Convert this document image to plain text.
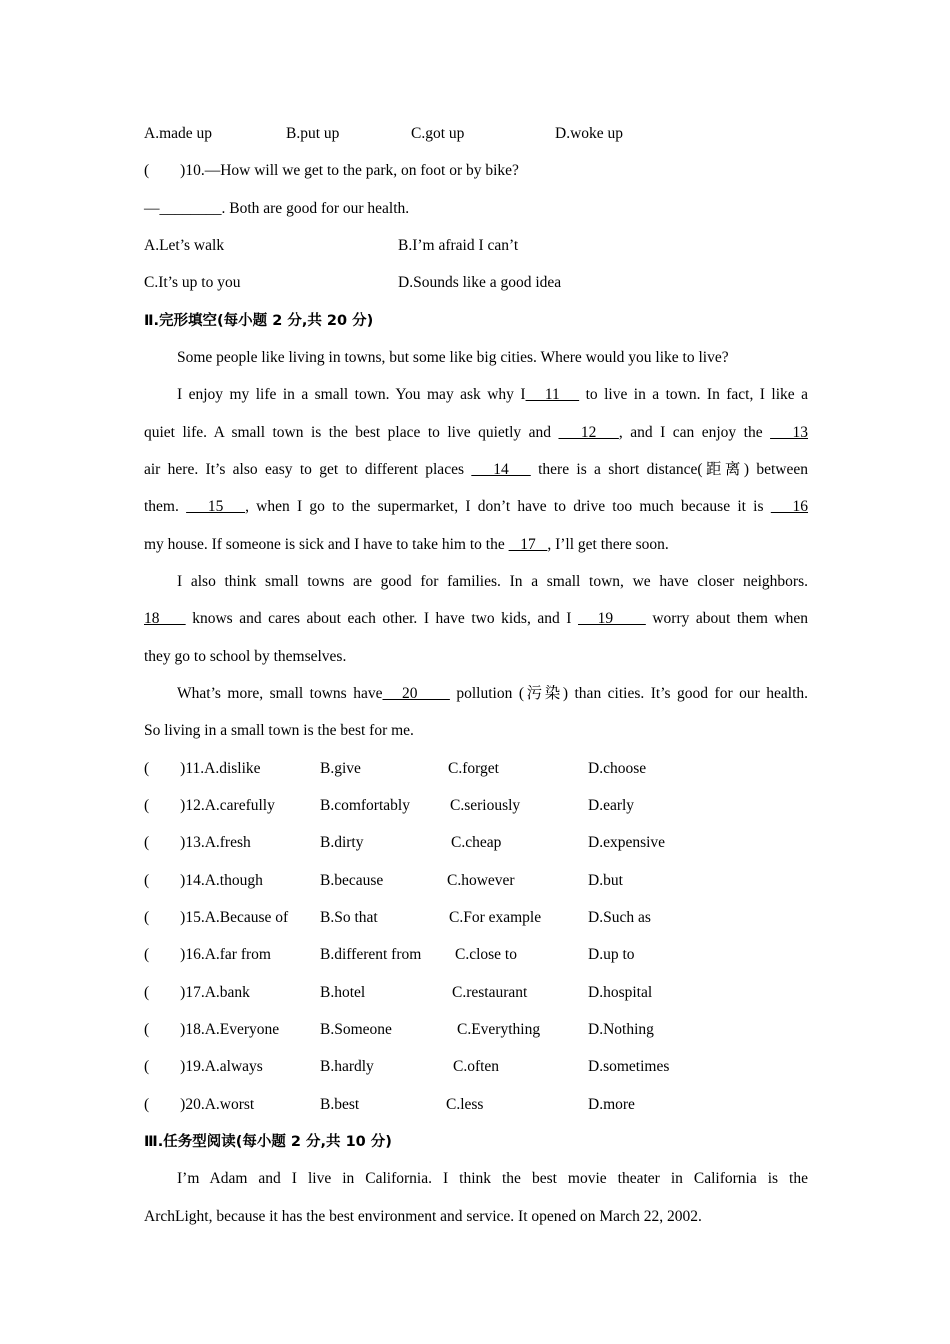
A.made up	B.put up	C.got up	D.woke up
(        )10.—How will we get to the park, on foot or by bike?
—________. Both are good for our health.
A.Let’s walk	B.I’m afraid I can’t
C.It’s up to you	D.Sounds like a good idea
Ⅱ.完形填空(每小题 2 分,共 20 分)
Some people like living in towns, but some like big cities. Where would you like to live?
I enjoy my life in a small town. You may ask why I   11    to live in a town. In fact, I like a
quiet life. A small town is the best place to live quietly and    12   , and I can enjoy the    13
air here. It’s also easy to get to different places    14    there is a short distance(距离) between
them.    15   , when I go to the supermarket, I don’t have to drive too much because it is    16
my house. If someone is sick and I have to take him to the    17   , I’ll get there soon.
I also think small towns are good for families. In a small town, we have closer neighbors.
18     knows and cares about each other. I have two kids, and I    19      worry about them when
they go to school by themselves.
What’s more, small towns have   20      pollution (污染) than cities. It’s good for our health.
So living in a small town is the best for me.
(        )11.A.dislike	B.give	C.forget	D.choose
(        )12.A.carefully	B.comfortably	C.seriously	D.early
(        )13.A.fresh	B.dirty	C.cheap	D.expensive
(        )14.A.though	B.because	C.however	D.but
(        )15.A.Because of B.So that	C.For example	D.Such as
(        )16.A.far from	B.different from C.close to	D.up to
(        )17.A.bank	B.hotel	C.restaurant	D.hospital
(        )18.A.Everyone	B.Someone	C.Everything	D.Nothing
(        )19.A.always	B.hardly	C.often	D.sometimes
(        )20.A.worst	B.best	C.less	D.more
Ⅲ.任务型阅读(每小题 2 分,共 10 分)
I’m Adam and I live in California. I think the best movie theater in California is the
ArchLight, because it has the best environment and service. It opened on March 22, 2002.
